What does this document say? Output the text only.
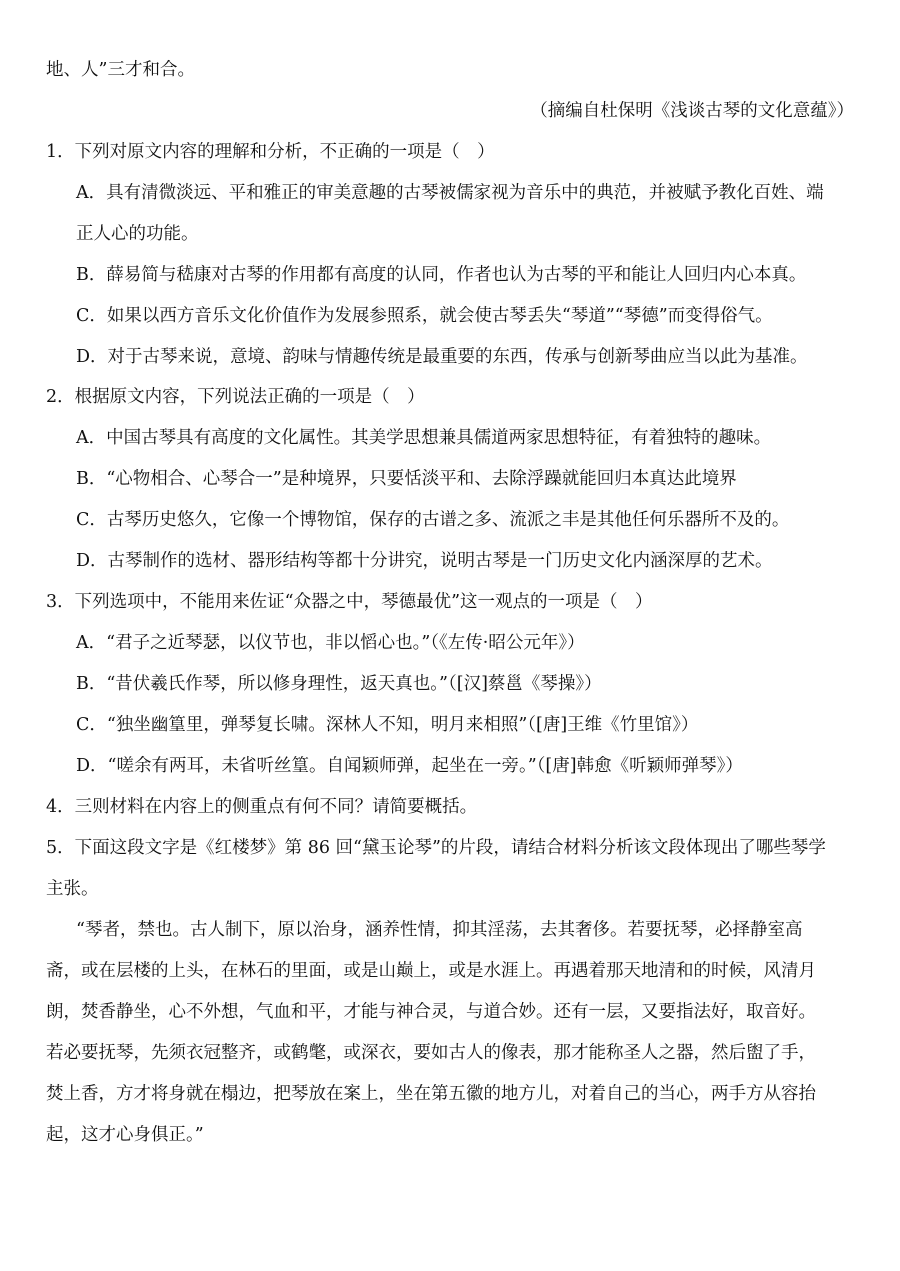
地、人”三才和合。
（摘编自杜保明《浅谈古琴的文化意蕴》）
1．下列对原文内容的理解和分析，不正确的一项是（　）
A．具有清微淡远、平和雅正的审美意趣的古琴被儒家视为音乐中的典范，并被赋予教化百姓、端
正人心的功能。
B．薛易简与嵇康对古琴的作用都有高度的认同，作者也认为古琴的平和能让人回归内心本真。
C．如果以西方音乐文化价值作为发展参照系，就会使古琴丢失“琴道”“琴德”而变得俗气。
D．对于古琴来说，意境、韵味与情趣传统是最重要的东西，传承与创新琴曲应当以此为基准。
2．根据原文内容，下列说法正确的一项是（　）
A．中国古琴具有高度的文化属性。其美学思想兼具儒道两家思想特征，有着独特的趣味。
B．“心物相合、心琴合一”是种境界，只要恬淡平和、去除浮躁就能回归本真达此境界
C．古琴历史悠久，它像一个博物馆，保存的古谱之多、流派之丰是其他任何乐器所不及的。
D．古琴制作的选材、器形结构等都十分讲究，说明古琴是一门历史文化内涵深厚的艺术。
3．下列选项中，不能用来佐证“众器之中，琴德最优”这一观点的一项是（　）
A．“君子之近琴瑟，以仪节也，非以慆心也。”（《左传·昭公元年》）
B．“昔伏羲氏作琴，所以修身理性，返天真也。”（[汉]蔡邕《琴操》）
C．“独坐幽篁里，弹琴复长啸。深林人不知，明月来相照”（[唐]王维《竹里馆》）
D．“嗟余有两耳，未省听丝篁。自闻颖师弹，起坐在一旁。”（[唐]韩愈《听颖师弹琴》）
4．三则材料在内容上的侧重点有何不同？请简要概括。
5．下面这段文字是《红楼梦》第 86 回“黛玉论琴”的片段，请结合材料分析该文段体现出了哪些琴学
主张。
“琴者，禁也。古人制下，原以治身，涵养性情，抑其淫荡，去其奢侈。若要抚琴，必择静室高
斋，或在层楼的上头，在林石的里面，或是山巅上，或是水涯上。再遇着那天地清和的时候，风清月
朗，焚香静坐，心不外想，气血和平，才能与神合灵，与道合妙。还有一层，又要指法好，取音好。
若必要抚琴，先须衣冠整齐，或鹤氅，或深衣，要如古人的像表，那才能称圣人之器，然后盥了手，
焚上香，方才将身就在榻边，把琴放在案上，坐在第五徽的地方儿，对着自己的当心，两手方从容抬
起，这才心身俱正。”
